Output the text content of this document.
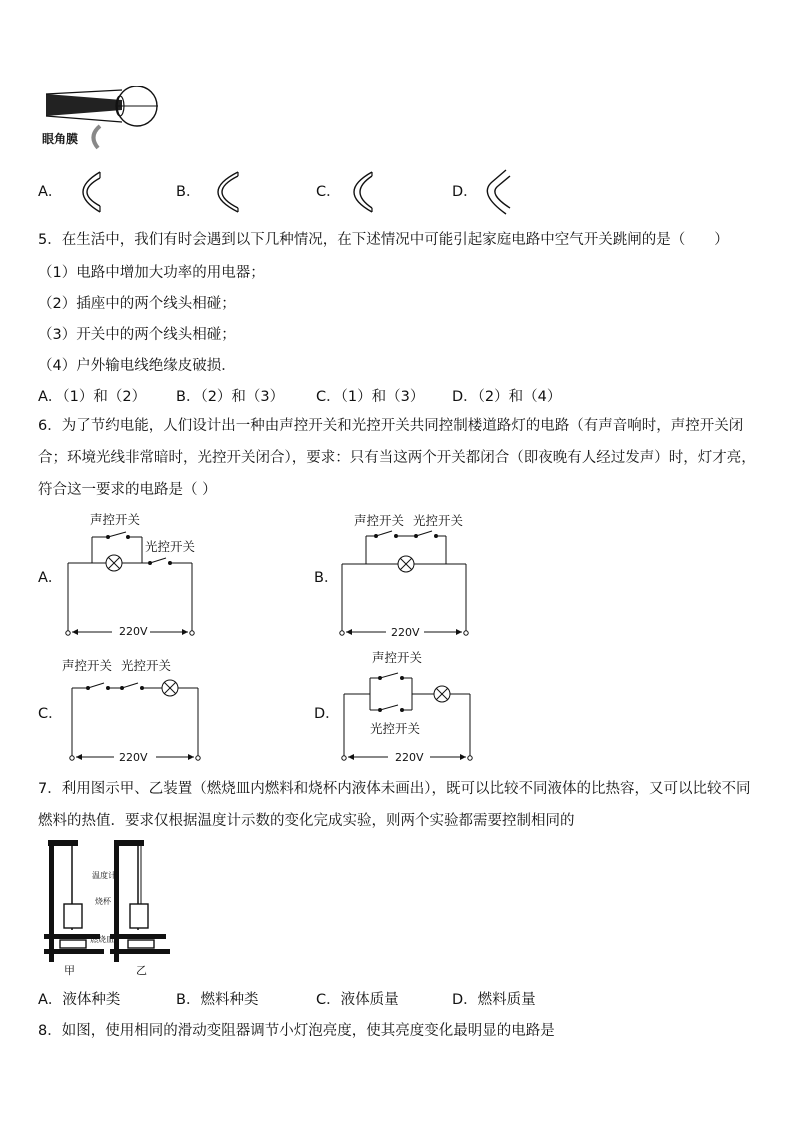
眼角膜
A．	B．	C．	D．
5．在生活中，我们有时会遇到以下几种情况，在下述情况中可能引起家庭电路中空气开关跳闸的是（　　）
（1）电路中增加大功率的用电器；
（2）插座中的两个线头相碰；
（3）开关中的两个线头相碰；
（4）户外输电线绝缘皮破损．
A．（1）和（2） B．（2）和（3） C．（1）和（3） D．（2）和（4）
6．为了节约电能，人们设计出一种由声控开关和光控开关共同控制楼道路灯的电路（有声音响时，声控开关闭合；环境光线非常暗时，光控开关闭合），要求：只有当这两个开关都闭合（即夜晚有人经过发声）时，灯才亮，符合这一要求的电路是（ ）
A．
声控开关
光控开关
220V
B．
声控开关 光控开关
220V
C．
声控开关 光控开关
220V
D．
声控开关
光控开关
220V
7．利用图示甲、乙装置（燃烧皿内燃料和烧杯内液体未画出），既可以比较不同液体的比热容，又可以比较不同燃料的热值．要求仅根据温度计示数的变化完成实验，则两个实验都需要控制相同的
温度计
烧杯
燃烧皿
甲	乙
A．液体种类	B．燃料种类	C．液体质量	D．燃料质量
8．如图，使用相同的滑动变阻器调节小灯泡亮度，使其亮度变化最明显的电路是
